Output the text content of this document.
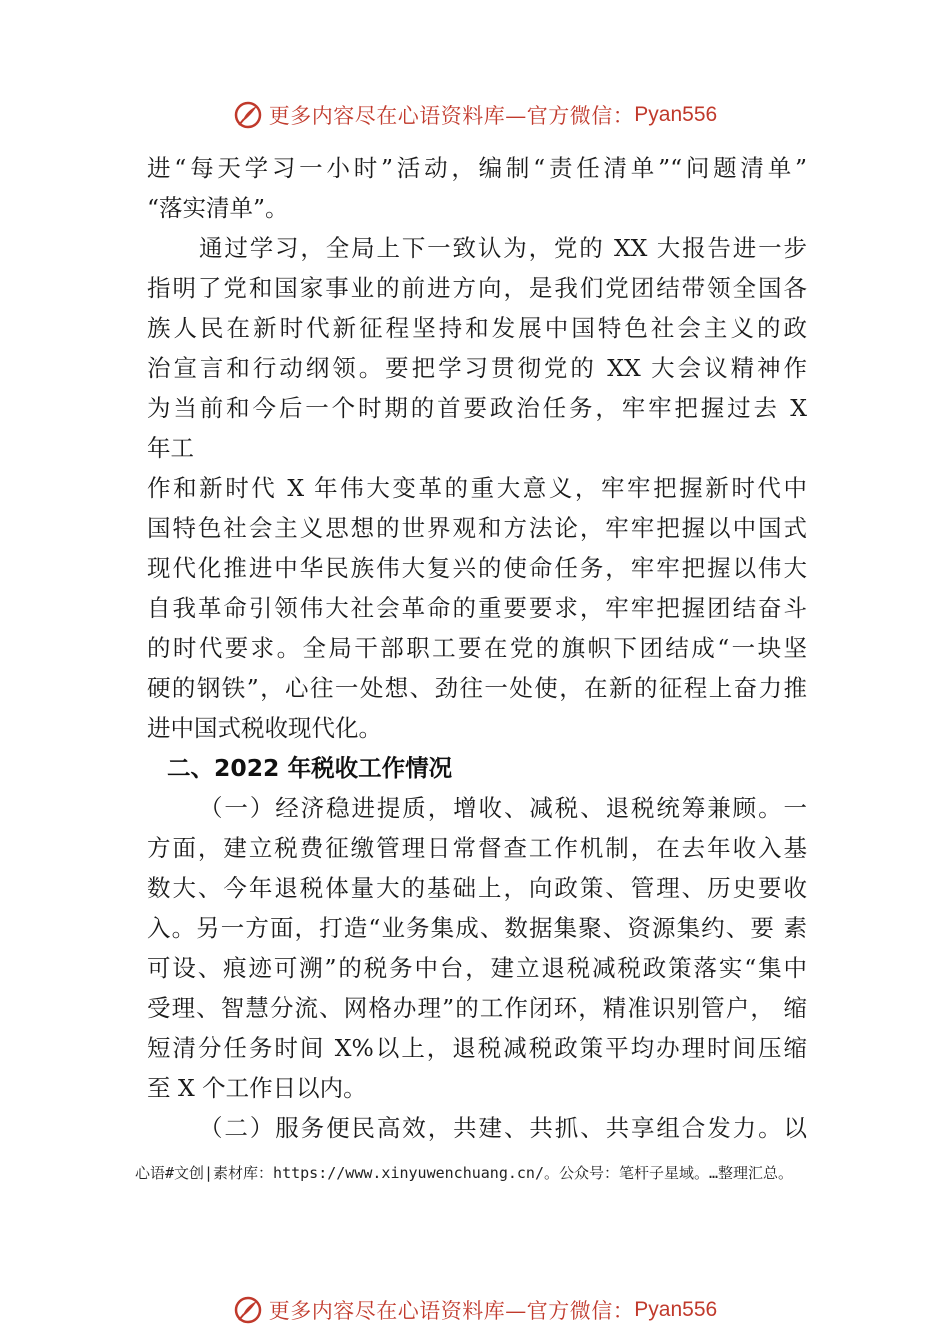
更多内容尽在心语资料库—官方微信： Pyan556
进“每天学习一小时”活动，编制“责任清单”“问题清单”
“落实清单”。
通过学习，全局上下一致认为，党的 XX 大报告进一步
指明了党和国家事业的前进方向，是我们党团结带领全国各
族人民在新时代新征程坚持和发展中国特色社会主义的政
治宣言和行动纲领。要把学习贯彻党的 XX 大会议精神作
为当前和今后一个时期的首要政治任务，牢牢把握过去 X
年工
作和新时代 X 年伟大变革的重大意义，牢牢把握新时代中
国特色社会主义思想的世界观和方法论，牢牢把握以中国式
现代化推进中华民族伟大复兴的使命任务，牢牢把握以伟大
自我革命引领伟大社会革命的重要要求，牢牢把握团结奋斗
的时代要求。全局干部职工要在党的旗帜下团结成“一块坚
硬的钢铁”，心往一处想、劲往一处使，在新的征程上奋力推
进中国式税收现代化。
二、2022 年税收工作情况
（一）经济稳进提质，增收、减税、退税统筹兼顾。一
方面，建立税费征缴管理日常督查工作机制，在去年收入基
数大、今年退税体量大的基础上，向政策、管理、历史要收
入。另一方面，打造“业务集成、数据集聚、资源集约、要 素
可设、痕迹可溯”的税务中台，建立退税减税政策落实“集中
受理、智慧分流、网格办理”的工作闭环，精准识别管户， 缩
短清分任务时间 X%以上，退税减税政策平均办理时间压缩
至 X 个工作日以内。
（二）服务便民高效，共建、共抓、共享组合发力。以
心语#文创|素材库：https://www.xinyuwenchuang.cn/。公众号：笔杆子星域。…整理汇总。
更多内容尽在心语资料库—官方微信： Pyan556
